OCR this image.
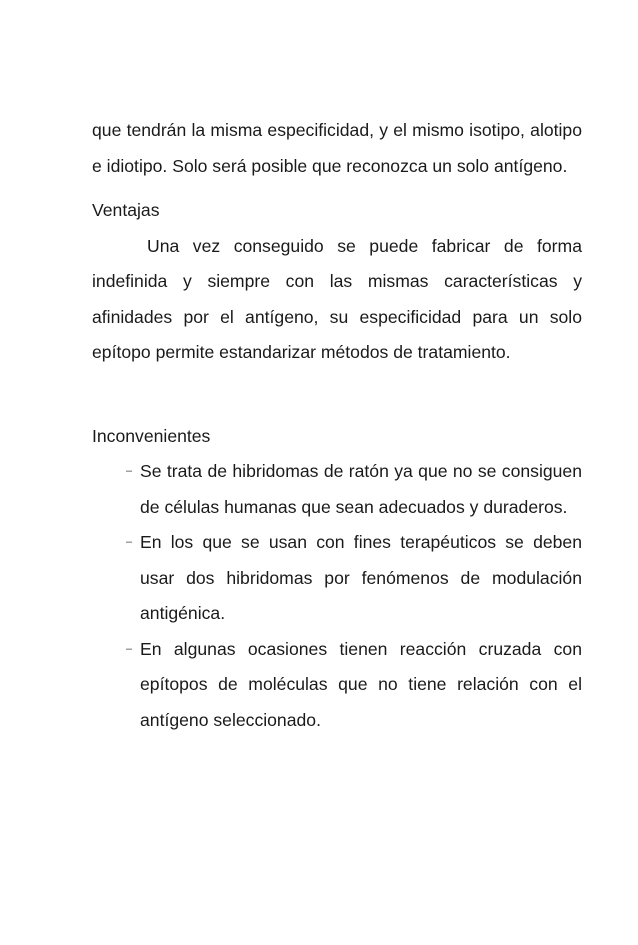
que tendrán la misma especificidad, y el mismo isotipo, alotipo e idiotipo. Solo será posible que reconozca un solo antígeno.

Ventajas

Una vez conseguido se puede fabricar de forma indefinida y siempre con las mismas características y afinidades por el antígeno, su especificidad para un solo epítopo permite estandarizar métodos de tratamiento.

Inconvenientes

– Se trata de hibridomas de ratón ya que no se consiguen de células humanas que sean adecuados y duraderos.
– En los que se usan con fines terapéuticos se deben usar dos hibridomas por fenómenos de modulación antigénica.
– En algunas ocasiones tienen reacción cruzada con epítopos de moléculas que no tiene relación con el antígeno seleccionado.
